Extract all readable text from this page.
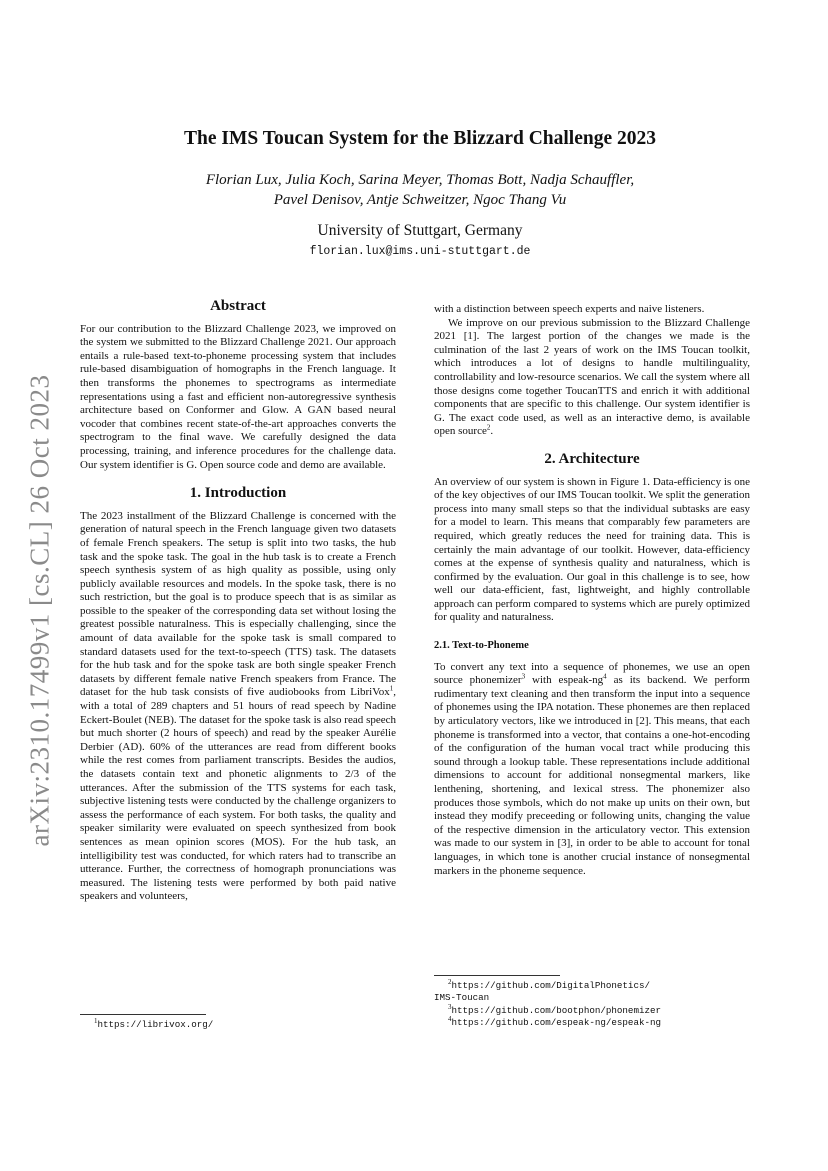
arXiv:2310.17499v1 [cs.CL] 26 Oct 2023
The IMS Toucan System for the Blizzard Challenge 2023
Florian Lux, Julia Koch, Sarina Meyer, Thomas Bott, Nadja Schauffler,
Pavel Denisov, Antje Schweitzer, Ngoc Thang Vu
University of Stuttgart, Germany
florian.lux@ims.uni-stuttgart.de
Abstract

For our contribution to the Blizzard Challenge 2023, we improved on the system we submitted to the Blizzard Challenge 2021. Our approach entails a rule-based text-to-phoneme processing system that includes rule-based disambiguation of homographs in the French language. It then transforms the phonemes to spectrograms as intermediate representations using a fast and efficient non-autoregressive synthesis architecture based on Conformer and Glow. A GAN based neural vocoder that combines recent state-of-the-art approaches converts the spectrogram to the final wave. We carefully designed the data processing, training, and inference procedures for the challenge data. Our system identifier is G. Open source code and demo are available.

1. Introduction

The 2023 installment of the Blizzard Challenge is concerned with the generation of natural speech in the French language given two datasets of female French speakers. The setup is split into two tasks, the hub task and the spoke task. The goal in the hub task is to create a French speech synthesis system of as high quality as possible, using only publicly available resources and models. In the spoke task, there is no such restriction, but the goal is to produce speech that is as similar as possible to the speaker of the corresponding data set without losing the greatest possible naturalness. This is especially challenging, since the amount of data available for the spoke task is small compared to standard datasets used for the text-to-speech (TTS) task. The datasets for the hub task and for the spoke task are both single speaker French datasets by different female native French speakers from France. The dataset for the hub task consists of five audiobooks from LibriVox$^1$, with a total of 289 chapters and 51 hours of read speech by Nadine Eckert-Boulet (NEB). The dataset for the spoke task is also read speech but much shorter (2 hours of speech) and read by the speaker Aurélie Derbier (AD). 60% of the utterances are read from different books while the rest comes from parliament transcripts. Besides the audios, the datasets contain text and phonetic alignments to 2/3 of the utterances. After the submission of the TTS systems for each task, subjective listening tests were conducted by the challenge organizers to assess the performance of each system. For both tasks, the quality and speaker similarity were evaluated on speech synthesized from book sentences as mean opinion scores (MOS). For the hub task, an intelligibility test was conducted, for which raters had to transcribe an utterance. Further, the correctness of homograph pronunciations was measured. The listening tests were performed by both paid native speakers and volunteers,

$^1$https://librivox.org/

with a distinction between speech experts and naive listeners.

We improve on our previous submission to the Blizzard Challenge 2021 [1]. The largest portion of the changes we made is the culmination of the last 2 years of work on the IMS Toucan toolkit, which introduces a lot of designs to handle multilinguality, controllability and low-resource scenarios. We call the system where all those designs come together ToucanTTS and enrich it with additional components that are specific to this challenge. Our system identifier is G. The exact code used, as well as an interactive demo, is available open source$^2$.

2. Architecture

An overview of our system is shown in Figure 1. Data-efficiency is one of the key objectives of our IMS Toucan toolkit. We split the generation process into many small steps so that the individual subtasks are easy for a model to learn. This means that comparably few parameters are required, which greatly reduces the need for training data. This is certainly the main advantage of our toolkit. However, data-efficiency comes at the expense of synthesis quality and naturalness, which is confirmed by the evaluation. Our goal in this challenge is to see, how well our data-efficient, fast, lightweight, and highly controllable approach can perform compared to systems which are purely optimized for quality and naturalness.

2.1. Text-to-Phoneme

To convert any text into a sequence of phonemes, we use an open source phonemizer$^3$ with espeak-$ng^4$ as its backend. We perform rudimentary text cleaning and then transform the input into a sequence of phonemes using the IPA notation. These phonemes are then replaced by articulatory vectors, like we introduced in [2]. This means, that each phoneme is transformed into a vector, that contains a one-hot-encoding of the configuration of the human vocal tract while producing this sound through a lookup table. These representations include additional dimensions to account for additional nonsegmental markers, like lenthening, shortening, and lexical stress. The phonemizer also produces those symbols, which do not make up units on their own, but instead they modify preceeding or following units, changing the value of the respective dimension in the articulatory vector. This extension was made to our system in [3], in order to be able to account for tonal languages, in which tone is another crucial instance of nonsegmental markers in the phoneme sequence.

$^2$https://github.com/DigitalPhonetics/
IMS-Toucan
$^3$https://github.com/bootphon/phonemizer
$^4$https://github.com/espeak-ng/espeak-ng
